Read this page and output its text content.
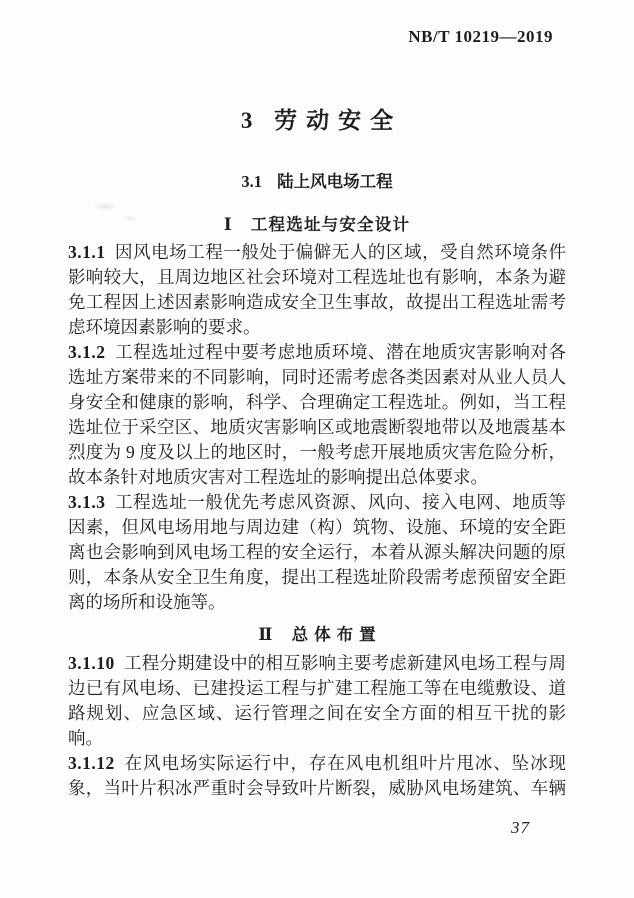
NB/T 10219—2019
3 劳动安全
3.1 陆上风电场工程
Ⅰ 工程选址与安全设计

3.1.1 因风电场工程一般处于偏僻无人的区域，受自然环境条件影响较大，且周边地区社会环境对工程选址也有影响，本条为避免工程因上述因素影响造成安全卫生事故，故提出工程选址需考虑环境因素影响的要求。

3.1.2 工程选址过程中要考虑地质环境、潜在地质灾害影响对各选址方案带来的不同影响，同时还需考虑各类因素对从业人员人身安全和健康的影响，科学、合理确定工程选址。例如，当工程选址位于采空区、地质灾害影响区或地震断裂地带以及地震基本烈度为 9 度及以上的地区时，一般考虑开展地质灾害危险分析，故本条针对地质灾害对工程选址的影响提出总体要求。

3.1.3 工程选址一般优先考虑风资源、风向、接入电网、地质等因素，但风电场用地与周边建（构）筑物、设施、环境的安全距离也会影响到风电场工程的安全运行，本着从源头解决问题的原则，本条从安全卫生角度，提出工程选址阶段需考虑预留安全距离的场所和设施等。

Ⅱ 总体布置

3.1.10 工程分期建设中的相互影响主要考虑新建风电场工程与周边已有风电场、已建投运工程与扩建工程施工等在电缆敷设、道路规划、应急区域、运行管理之间在安全方面的相互干扰的影响。

3.1.12 在风电场实际运行中，存在风电机组叶片甩冰、坠冰现象，当叶片积冰严重时会导致叶片断裂，威胁风电场建筑、车辆

37
